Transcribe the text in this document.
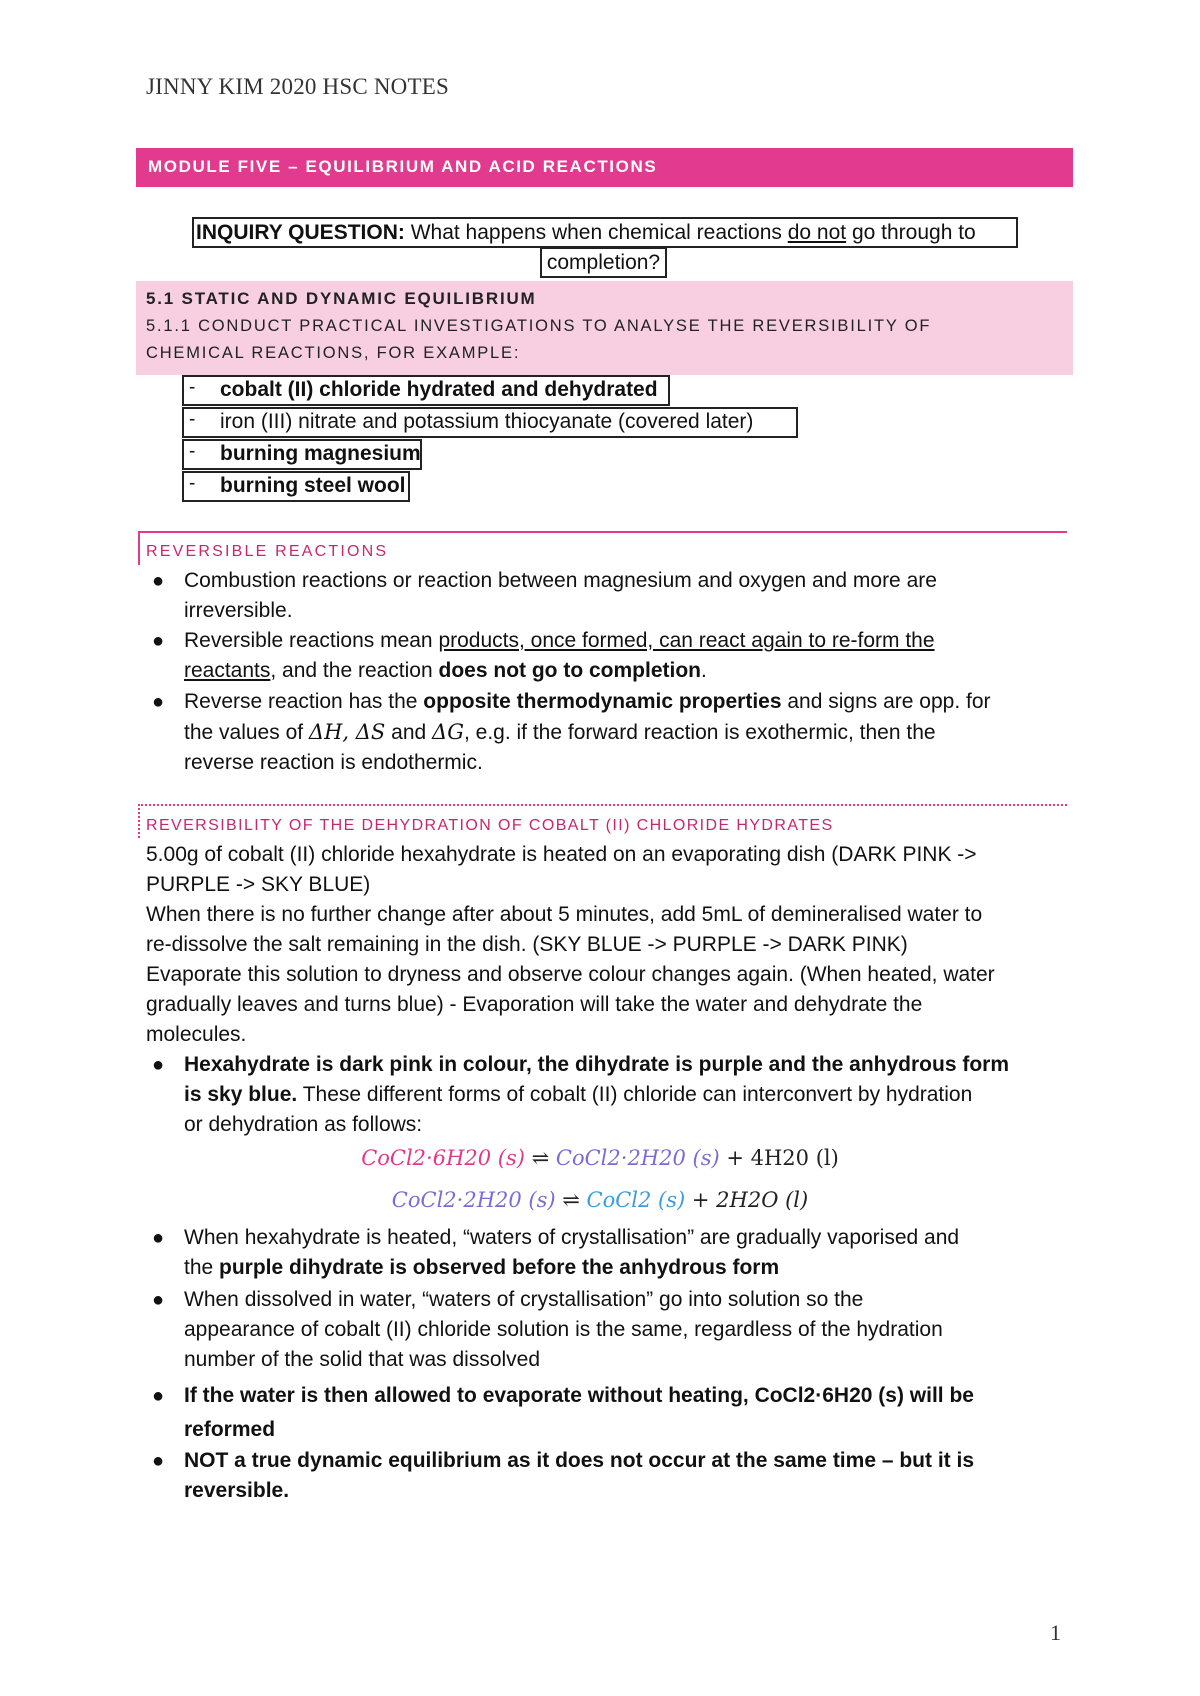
JINNY KIM 2020 HSC NOTES
MODULE FIVE – EQUILIBRIUM AND ACID REACTIONS
INQUIRY QUESTION: What happens when chemical reactions do not go through to
completion?
5.1 STATIC AND DYNAMIC EQUILIBRIUM
5.1.1 CONDUCT PRACTICAL INVESTIGATIONS TO ANALYSE THE REVERSIBILITY OF
CHEMICAL REACTIONS, FOR EXAMPLE:
- cobalt (II) chloride hydrated and dehydrated
- iron (III) nitrate and potassium thiocyanate (covered later)
- burning magnesium
- burning steel wool
REVERSIBLE REACTIONS
● Combustion reactions or reaction between magnesium and oxygen and more are
irreversible.
● Reversible reactions mean products, once formed, can react again to re-form the
reactants, and the reaction does not go to completion.
● Reverse reaction has the opposite thermodynamic properties and signs are opp. for
the values of ΔH, ΔS and ΔG, e.g. if the forward reaction is exothermic, then the
reverse reaction is endothermic.
REVERSIBILITY OF THE DEHYDRATION OF COBALT (II) CHLORIDE HYDRATES
5.00g of cobalt (II) chloride hexahydrate is heated on an evaporating dish (DARK PINK ->
PURPLE -> SKY BLUE)
When there is no further change after about 5 minutes, add 5mL of demineralised water to
re-dissolve the salt remaining in the dish. (SKY BLUE -> PURPLE -> DARK PINK)
Evaporate this solution to dryness and observe colour changes again. (When heated, water
gradually leaves and turns blue) - Evaporation will take the water and dehydrate the
molecules.
● Hexahydrate is dark pink in colour, the dihydrate is purple and the anhydrous form
is sky blue. These different forms of cobalt (II) chloride can interconvert by hydration
or dehydration as follows:
CoCl2·6H20 (s) ⇌ CoCl2·2H20 (s) + 4H20 (l)
CoCl2·2H20 (s) ⇌ CoCl2 (s) + 2H2O (l)
● When hexahydrate is heated, “waters of crystallisation” are gradually vaporised and
the purple dihydrate is observed before the anhydrous form
● When dissolved in water, “waters of crystallisation” go into solution so the
appearance of cobalt (II) chloride solution is the same, regardless of the hydration
number of the solid that was dissolved
● If the water is then allowed to evaporate without heating, CoCl2·6H20 (s) will be
reformed
● NOT a true dynamic equilibrium as it does not occur at the same time – but it is
reversible.
1
